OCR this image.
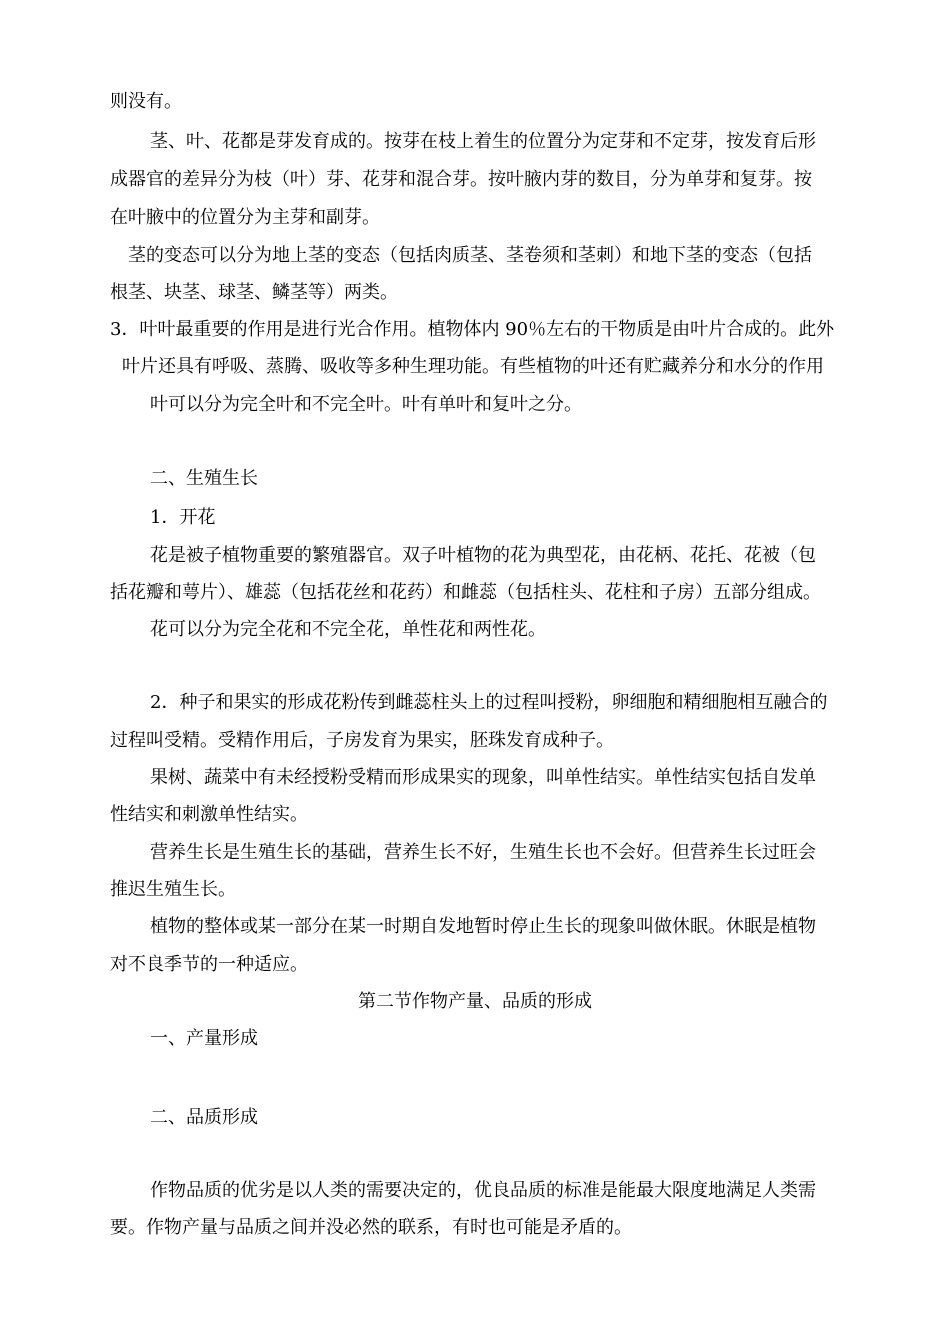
则没有。
茎、叶、花都是芽发育成的。按芽在枝上着生的位置分为定芽和不定芽，按发育后形
成器官的差异分为枝（叶）芽、花芽和混合芽。按叶腋内芽的数目，分为单芽和复芽。按
在叶腋中的位置分为主芽和副芽。
茎的变态可以分为地上茎的变态（包括肉质茎、茎卷须和茎刺）和地下茎的变态（包括
根茎、块茎、球茎、鳞茎等）两类。
3．叶叶最重要的作用是进行光合作用。植物体内 90％左右的干物质是由叶片合成的。此外
叶片还具有呼吸、蒸腾、吸收等多种生理功能。有些植物的叶还有贮藏养分和水分的作用
叶可以分为完全叶和不完全叶。叶有单叶和复叶之分。
二、生殖生长
1．开花
花是被子植物重要的繁殖器官。双子叶植物的花为典型花，由花柄、花托、花被（包
括花瓣和萼片）、雄蕊（包括花丝和花药）和雌蕊（包括柱头、花柱和子房）五部分组成。
花可以分为完全花和不完全花，单性花和两性花。
2．种子和果实的形成花粉传到雌蕊柱头上的过程叫授粉，卵细胞和精细胞相互融合的
过程叫受精。受精作用后，子房发育为果实，胚珠发育成种子。
果树、蔬菜中有未经授粉受精而形成果实的现象，叫单性结实。单性结实包括自发单
性结实和刺激单性结实。
营养生长是生殖生长的基础，营养生长不好，生殖生长也不会好。但营养生长过旺会
推迟生殖生长。
植物的整体或某一部分在某一时期自发地暂时停止生长的现象叫做休眠。休眠是植物
对不良季节的一种适应。
第二节作物产量、品质的形成
一、产量形成
二、品质形成
作物品质的优劣是以人类的需要决定的，优良品质的标准是能最大限度地满足人类需
要。作物产量与品质之间并没必然的联系，有时也可能是矛盾的。
